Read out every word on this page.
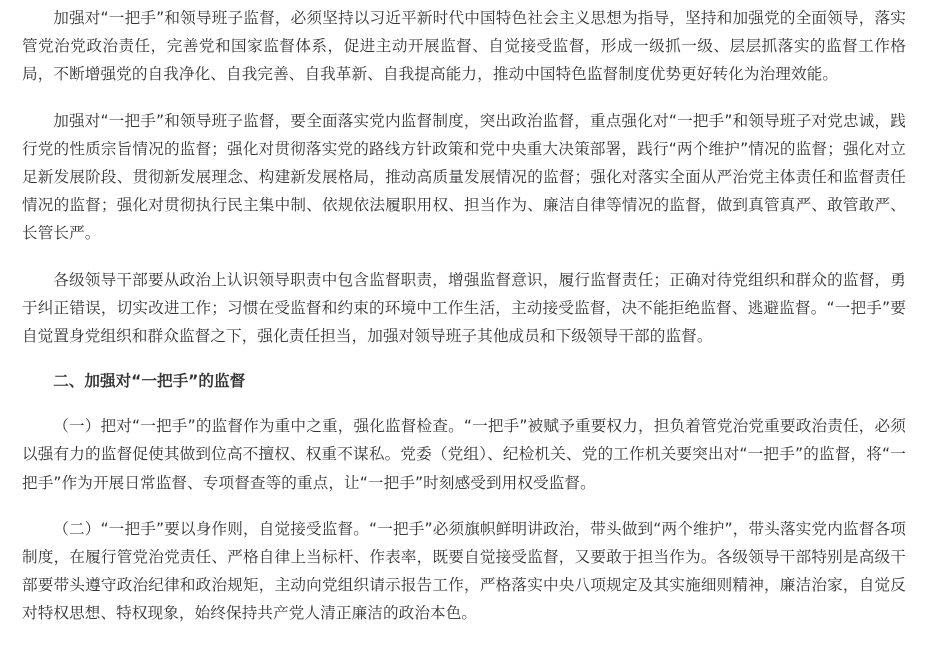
加强对“一把手”和领导班子监督，必须坚持以习近平新时代中国特色社会主义思想为指导，坚持和加强党的全面领导，落实管党治党政治责任，完善党和国家监督体系，促进主动开展监督、自觉接受监督，形成一级抓一级、层层抓落实的监督工作格局，不断增强党的自我净化、自我完善、自我革新、自我提高能力，推动中国特色监督制度优势更好转化为治理效能。

加强对“一把手”和领导班子监督，要全面落实党内监督制度，突出政治监督，重点强化对“一把手”和领导班子对党忠诚，践行党的性质宗旨情况的监督；强化对贯彻落实党的路线方针政策和党中央重大决策部署，践行“两个维护”情况的监督；强化对立足新发展阶段、贯彻新发展理念、构建新发展格局，推动高质量发展情况的监督；强化对落实全面从严治党主体责任和监督责任情况的监督；强化对贯彻执行民主集中制、依规依法履职用权、担当作为、廉洁自律等情况的监督，做到真管真严、敢管敢严、长管长严。

各级领导干部要从政治上认识领导职责中包含监督职责，增强监督意识，履行监督责任；正确对待党组织和群众的监督，勇于纠正错误，切实改进工作；习惯在受监督和约束的环境中工作生活，主动接受监督，决不能拒绝监督、逃避监督。“一把手”要自觉置身党组织和群众监督之下，强化责任担当，加强对领导班子其他成员和下级领导干部的监督。

二、加强对“一把手”的监督

（一）把对“一把手”的监督作为重中之重，强化监督检查。“一把手”被赋予重要权力，担负着管党治党重要政治责任，必须以强有力的监督促使其做到位高不擅权、权重不谋私。党委（党组）、纪检机关、党的工作机关要突出对“一把手”的监督，将“一把手”作为开展日常监督、专项督查等的重点，让“一把手”时刻感受到用权受监督。

（二）“一把手”要以身作则，自觉接受监督。“一把手”必须旗帜鲜明讲政治，带头做到“两个维护”，带头落实党内监督各项制度，在履行管党治党责任、严格自律上当标杆、作表率，既要自觉接受监督，又要敢于担当作为。各级领导干部特别是高级干部要带头遵守政治纪律和政治规矩，主动向党组织请示报告工作，严格落实中央八项规定及其实施细则精神，廉洁治家，自觉反对特权思想、特权现象，始终保持共产党人清正廉洁的政治本色。
